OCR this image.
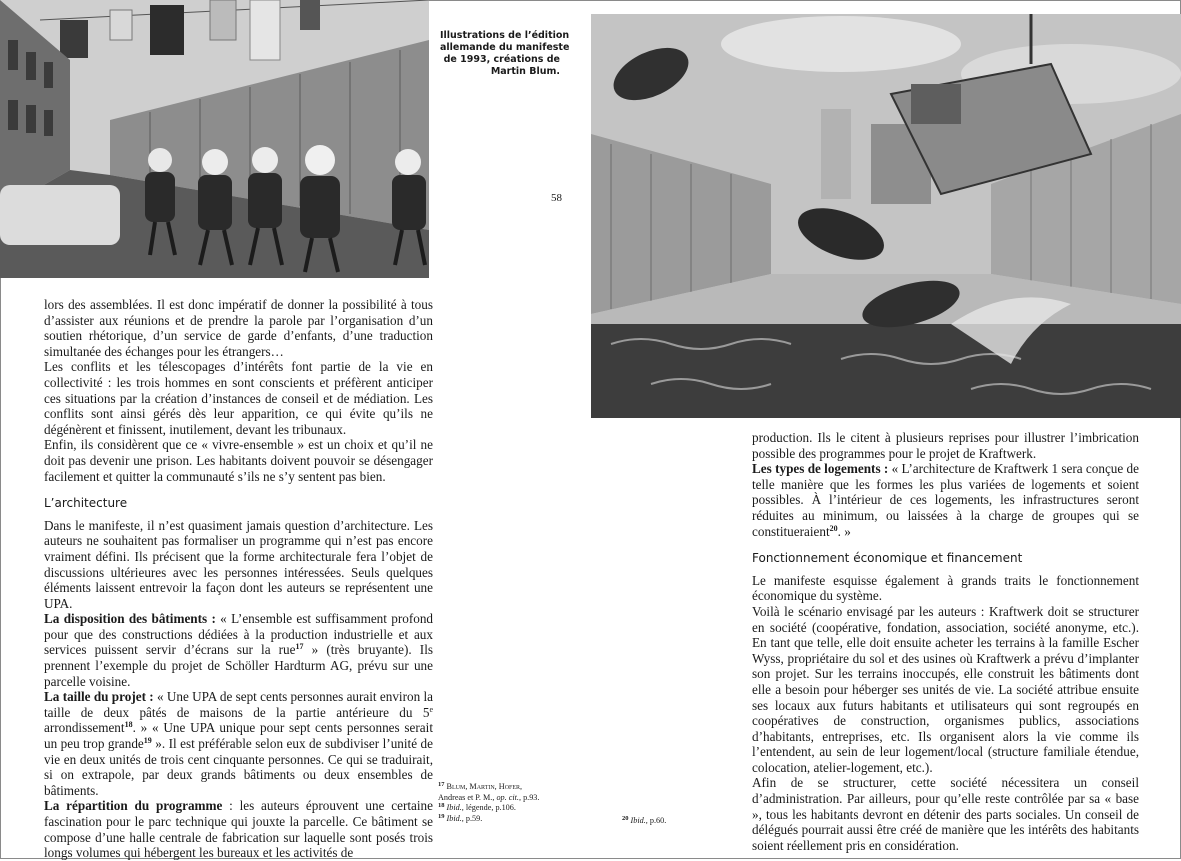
Illustrations de l’édition
allemande du manifeste
de 1993, créations de
Martin Blum.
58

lors des assemblées. Il est donc impératif de donner la possibilité à tous d’assister aux réunions et de prendre la parole par l’organisation d’un soutien rhétorique, d’un service de garde d’enfants, d’une traduction simultanée des échanges pour les étrangers…

Les conflits et les télescopages d’intérêts font partie de la vie en collectivité : les trois hommes en sont conscients et préfèrent anticiper ces situations par la création d’instances de conseil et de médiation. Les conflits sont ainsi gérés dès leur apparition, ce qui évite qu’ils ne dégénèrent et finissent, inutilement, devant les tribunaux.

Enfin, ils considèrent que ce « vivre-ensemble » est un choix et qu’il ne doit pas devenir une prison. Les habitants doivent pouvoir se désengager facilement et quitter la communauté s’ils ne s’y sentent pas bien.

L’architecture

Dans le manifeste, il n’est quasiment jamais question d’architecture. Les auteurs ne souhaitent pas formaliser un programme qui n’est pas encore vraiment défini. Ils précisent que la forme architecturale fera l’objet de discussions ultérieures avec les personnes intéressées. Seuls quelques éléments laissent entrevoir la façon dont les auteurs se représentent une UPA.

La disposition des bâtiments : « L’ensemble est suffisamment profond pour que des constructions dédiées à la production industrielle et aux services puissent servir d’écrans sur la rue$^{17}$ » (très bruyante). Ils prennent l’exemple du projet de Schöller Hardturm AG, prévu sur une parcelle voisine.

La taille du projet : « Une UPA de sept cents personnes aurait environ la taille de deux pâtés de maisons de la partie antérieure du 5e arrondissement$^{18}$. » « Une UPA unique pour sept cents personnes serait un peu trop grande$^{19}$ ». Il est préférable selon eux de subdiviser l’unité de vie en deux unités de trois cent cinquante personnes. Ce qui se traduirait, si on extrapole, par deux grands bâtiments ou deux ensembles de bâtiments.

La répartition du programme : les auteurs éprouvent une certaine fascination pour le parc technique qui jouxte la parcelle. Ce bâtiment se compose d’une halle centrale de fabrication sur laquelle sont posés trois longs volumes qui hébergent les bureaux et les activités de

$^{17}$ Blum, Martin, Hofer,
Andreas et P. M., op. cit., p.93.
$^{18}$ Ibid., légende, p.106.
$^{19}$ Ibid., p.59.	$^{20}$ Ibid., p.60.

production. Ils le citent à plusieurs reprises pour illustrer l’imbrication possible des programmes pour le projet de Kraftwerk.

Les types de logements : « L’architecture de Kraftwerk 1 sera conçue de telle manière que les formes les plus variées de logements et soient possibles. À l’intérieur de ces logements, les infrastructures seront réduites au minimum, ou laissées à la charge de groupes qui se constitueraient$^{20}$. »

Fonctionnement économique et financement

Le manifeste esquisse également à grands traits le fonctionnement économique du système.

Voilà le scénario envisagé par les auteurs : Kraftwerk doit se structurer en société (coopérative, fondation, association, société anonyme, etc.). En tant que telle, elle doit ensuite acheter les terrains à la famille Escher Wyss, propriétaire du sol et des usines où Kraftwerk a prévu d’implanter son projet. Sur les terrains inoccupés, elle construit les bâtiments dont elle a besoin pour héberger ses unités de vie. La société attribue ensuite ses locaux aux futurs habitants et utilisateurs qui sont regroupés en coopératives de construction, organismes publics, associations d’habitants, entreprises, etc. Ils organisent alors la vie comme ils l’entendent, au sein de leur logement/local (structure familiale étendue, colocation, atelier-logement, etc.).

Afin de se structurer, cette société nécessitera un conseil d’administration. Par ailleurs, pour qu’elle reste contrôlée par sa « base », tous les habitants devront en détenir des parts sociales. Un conseil de délégués pourrait aussi être créé de manière que les intérêts des habitants soient réellement pris en considération.
